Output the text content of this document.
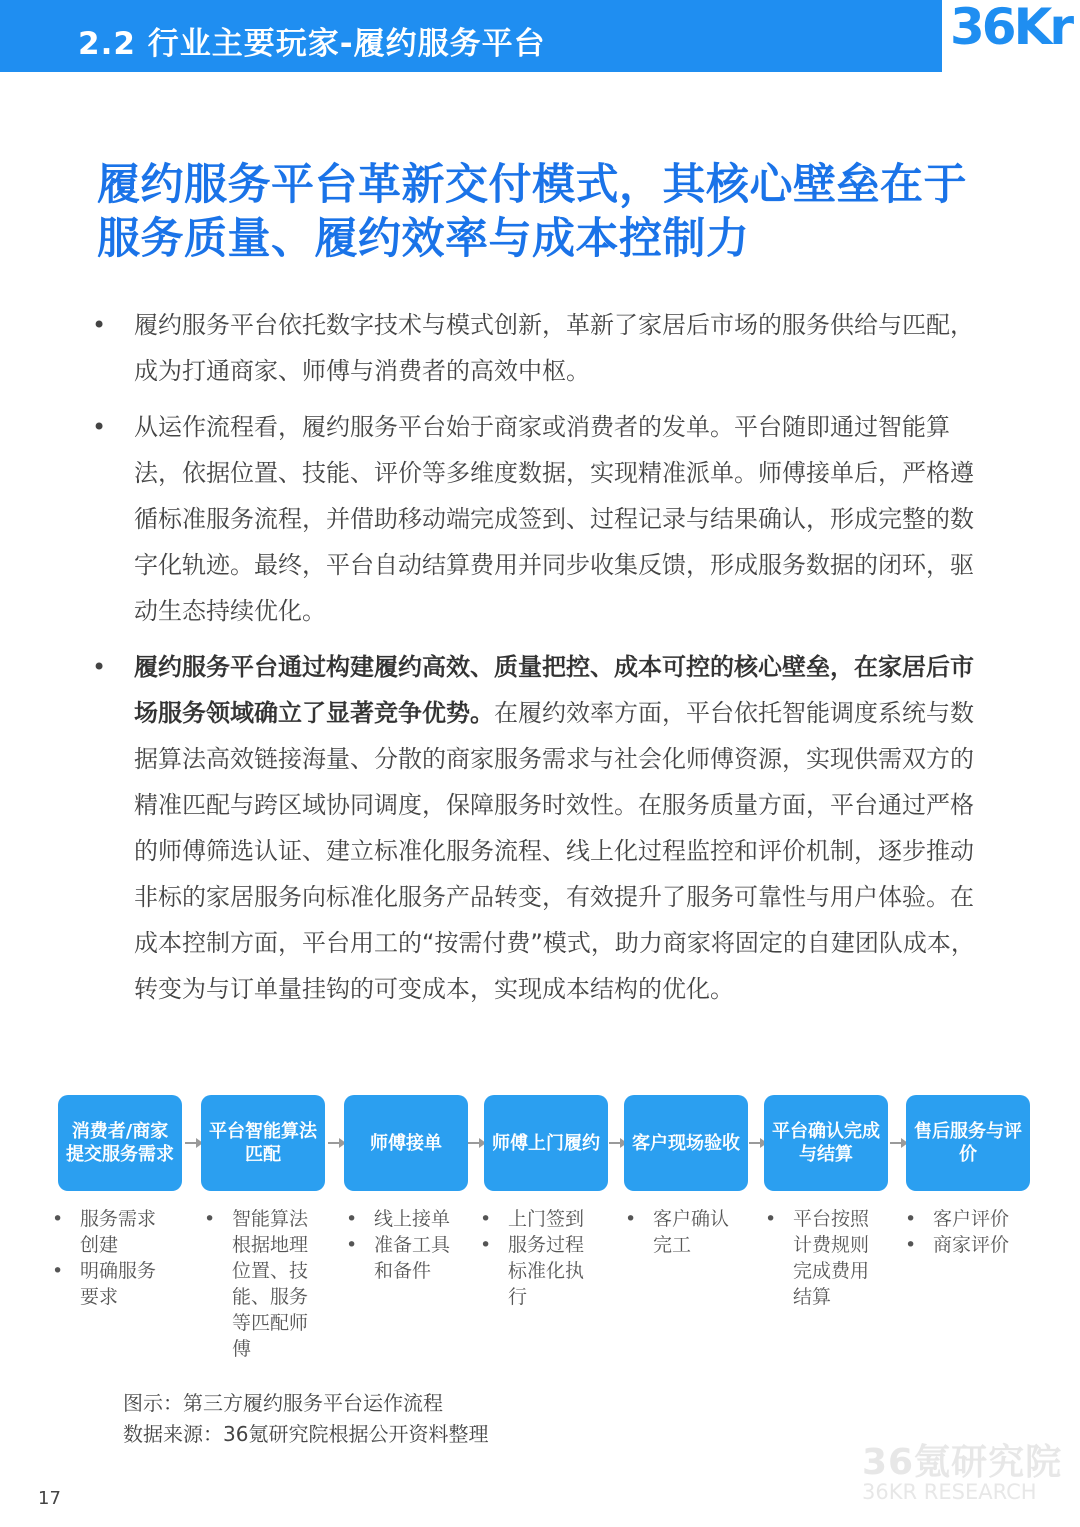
2.2 行业主要玩家-履约服务平台	36Kr
履约服务平台革新交付模式，其核心壁垒在于
服务质量、履约效率与成本控制力
• 履约服务平台依托数字技术与模式创新，革新了家居后市场的服务供给与匹配，成为打通商家、师傅与消费者的高效中枢。
• 从运作流程看，履约服务平台始于商家或消费者的发单。平台随即通过智能算法，依据位置、技能、评价等多维度数据，实现精准派单。师傅接单后，严格遵循标准服务流程，并借助移动端完成签到、过程记录与结果确认，形成完整的数字化轨迹。最终，平台自动结算费用并同步收集反馈，形成服务数据的闭环，驱动生态持续优化。
• 履约服务平台通过构建履约高效、质量把控、成本可控的核心壁垒，在家居后市场服务领域确立了显著竞争优势。在履约效率方面，平台依托智能调度系统与数据算法高效链接海量、分散的商家服务需求与社会化师傅资源，实现供需双方的精准匹配与跨区域协同调度，保障服务时效性。在服务质量方面，平台通过严格的师傅筛选认证、建立标准化服务流程、线上化过程监控和评价机制，逐步推动非标的家居服务向标准化服务产品转变，有效提升了服务可靠性与用户体验。在成本控制方面，平台用工的“按需付费”模式，助力商家将固定的自建团队成本，转变为与订单量挂钩的可变成本，实现成本结构的优化。
消费者/商家提交服务需求
平台智能算法匹配
师傅接单	师傅上门履约	客户现场验收
平台确认完成与结算
售后服务与评价
• 服务需求创建
• 明确服务要求
• 智能算法根据地理位置、技能、服务等匹配师傅
• 线上接单
• 准备工具和备件
• 上门签到
• 服务过程标准化执行
• 客户确认完工
• 平台按照计费规则完成费用结算
• 客户评价
• 商家评价
图示：第三方履约服务平台运作流程
数据来源：36氪研究院根据公开资料整理
36氪研究院
36KR RESEARCH
17
